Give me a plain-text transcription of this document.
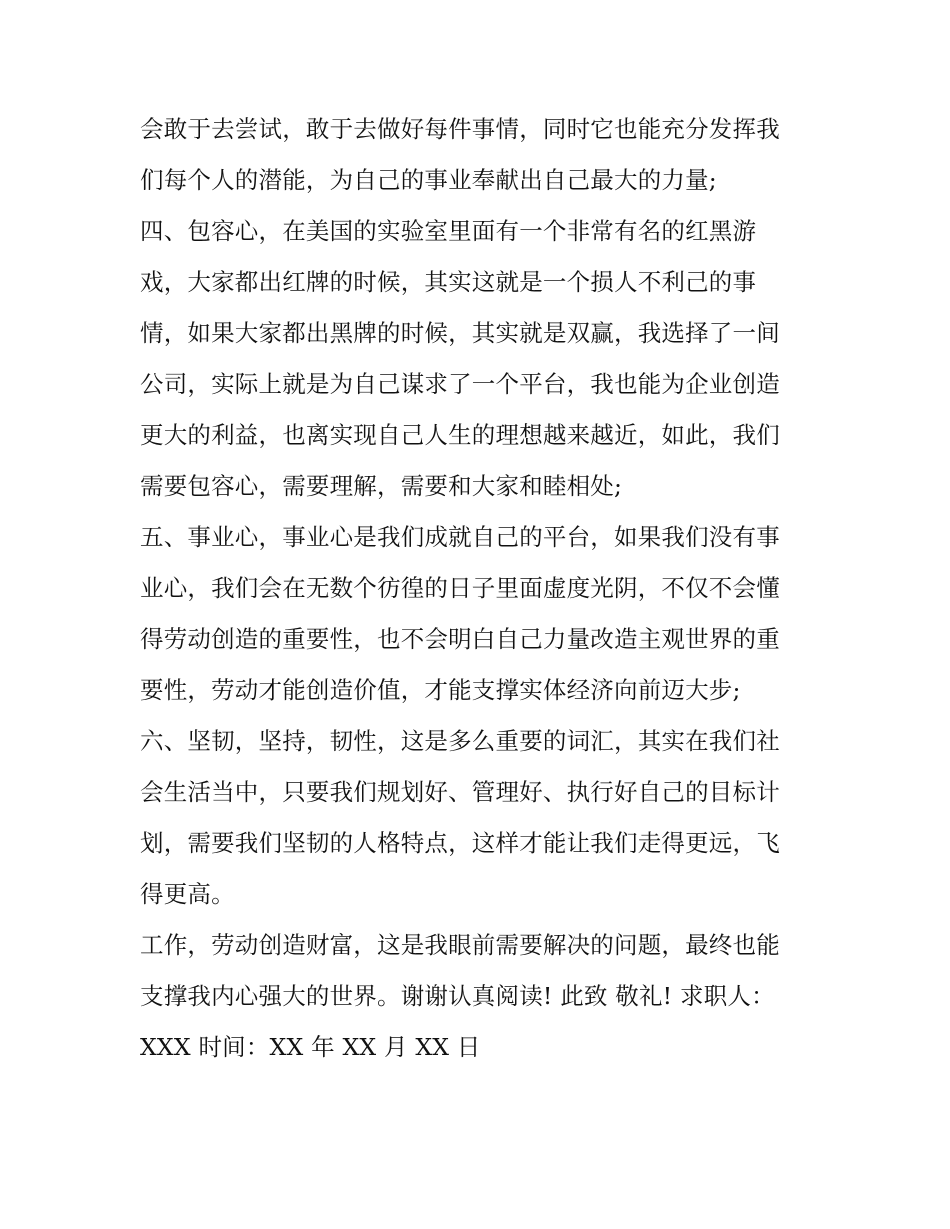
会敢于去尝试，敢于去做好每件事情，同时它也能充分发挥我
们每个人的潜能，为自己的事业奉献出自己最大的力量;
四、包容心，在美国的实验室里面有一个非常有名的红黑游
戏，大家都出红牌的时候，其实这就是一个损人不利己的事
情，如果大家都出黑牌的时候，其实就是双赢，我选择了一间
公司，实际上就是为自己谋求了一个平台，我也能为企业创造
更大的利益，也离实现自己人生的理想越来越近，如此，我们
需要包容心，需要理解，需要和大家和睦相处;
五、事业心，事业心是我们成就自己的平台，如果我们没有事
业心，我们会在无数个彷徨的日子里面虚度光阴，不仅不会懂
得劳动创造的重要性，也不会明白自己力量改造主观世界的重
要性，劳动才能创造价值，才能支撑实体经济向前迈大步;
六、坚韧，坚持，韧性，这是多么重要的词汇，其实在我们社
会生活当中，只要我们规划好、管理好、执行好自己的目标计
划，需要我们坚韧的人格特点，这样才能让我们走得更远，飞
得更高。
工作，劳动创造财富，这是我眼前需要解决的问题，最终也能
支撑我内心强大的世界。谢谢认真阅读! 此致 敬礼! 求职人：
XXX 时间：XX 年 XX 月 XX 日
